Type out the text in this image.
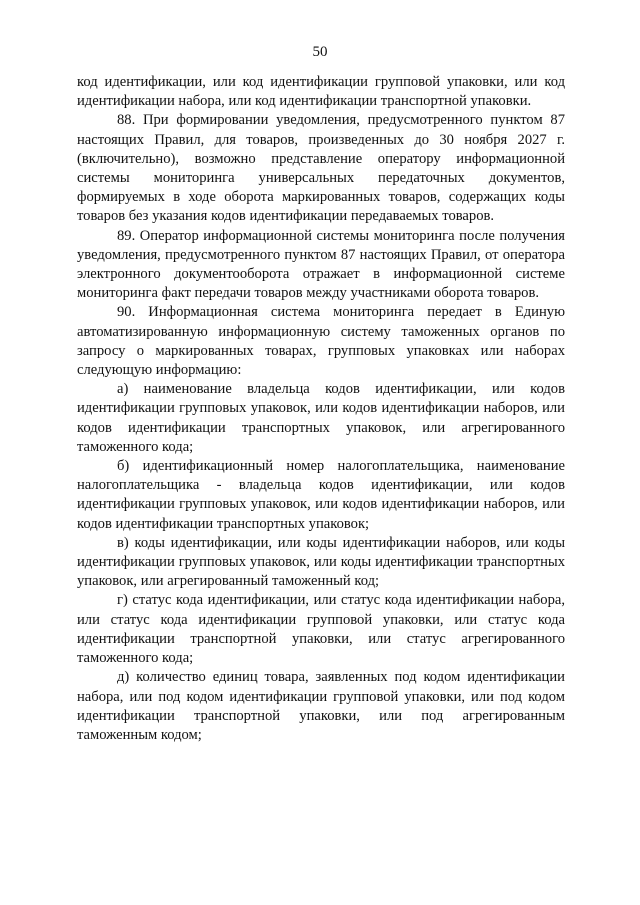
50

код идентификации, или код идентификации групповой упаковки, или код идентификации набора, или код идентификации транспортной упаковки.

88. При формировании уведомления, предусмотренного пунктом 87 настоящих Правил, для товаров, произведенных до 30 ноября 2027 г. (включительно), возможно представление оператору информационной системы мониторинга универсальных передаточных документов, формируемых в ходе оборота маркированных товаров, содержащих коды товаров без указания кодов идентификации передаваемых товаров.

89. Оператор информационной системы мониторинга после получения уведомления, предусмотренного пунктом 87 настоящих Правил, от оператора электронного документооборота отражает в информационной системе мониторинга факт передачи товаров между участниками оборота товаров.

90. Информационная система мониторинга передает в Единую автоматизированную информационную систему таможенных органов по запросу о маркированных товарах, групповых упаковках или наборах следующую информацию:

а) наименование владельца кодов идентификации, или кодов идентификации групповых упаковок, или кодов идентификации наборов, или кодов идентификации транспортных упаковок, или агрегированного таможенного кода;

б) идентификационный номер налогоплательщика, наименование налогоплательщика - владельца кодов идентификации, или кодов идентификации групповых упаковок, или кодов идентификации наборов, или кодов идентификации транспортных упаковок;

в) коды идентификации, или коды идентификации наборов, или коды идентификации групповых упаковок, или коды идентификации транспортных упаковок, или агрегированный таможенный код;

г) статус кода идентификации, или статус кода идентификации набора, или статус кода идентификации групповой упаковки, или статус кода идентификации транспортной упаковки, или статус агрегированного таможенного кода;

д) количество единиц товара, заявленных под кодом идентификации набора, или под кодом идентификации групповой упаковки, или под кодом идентификации транспортной упаковки, или под агрегированным таможенным кодом;
